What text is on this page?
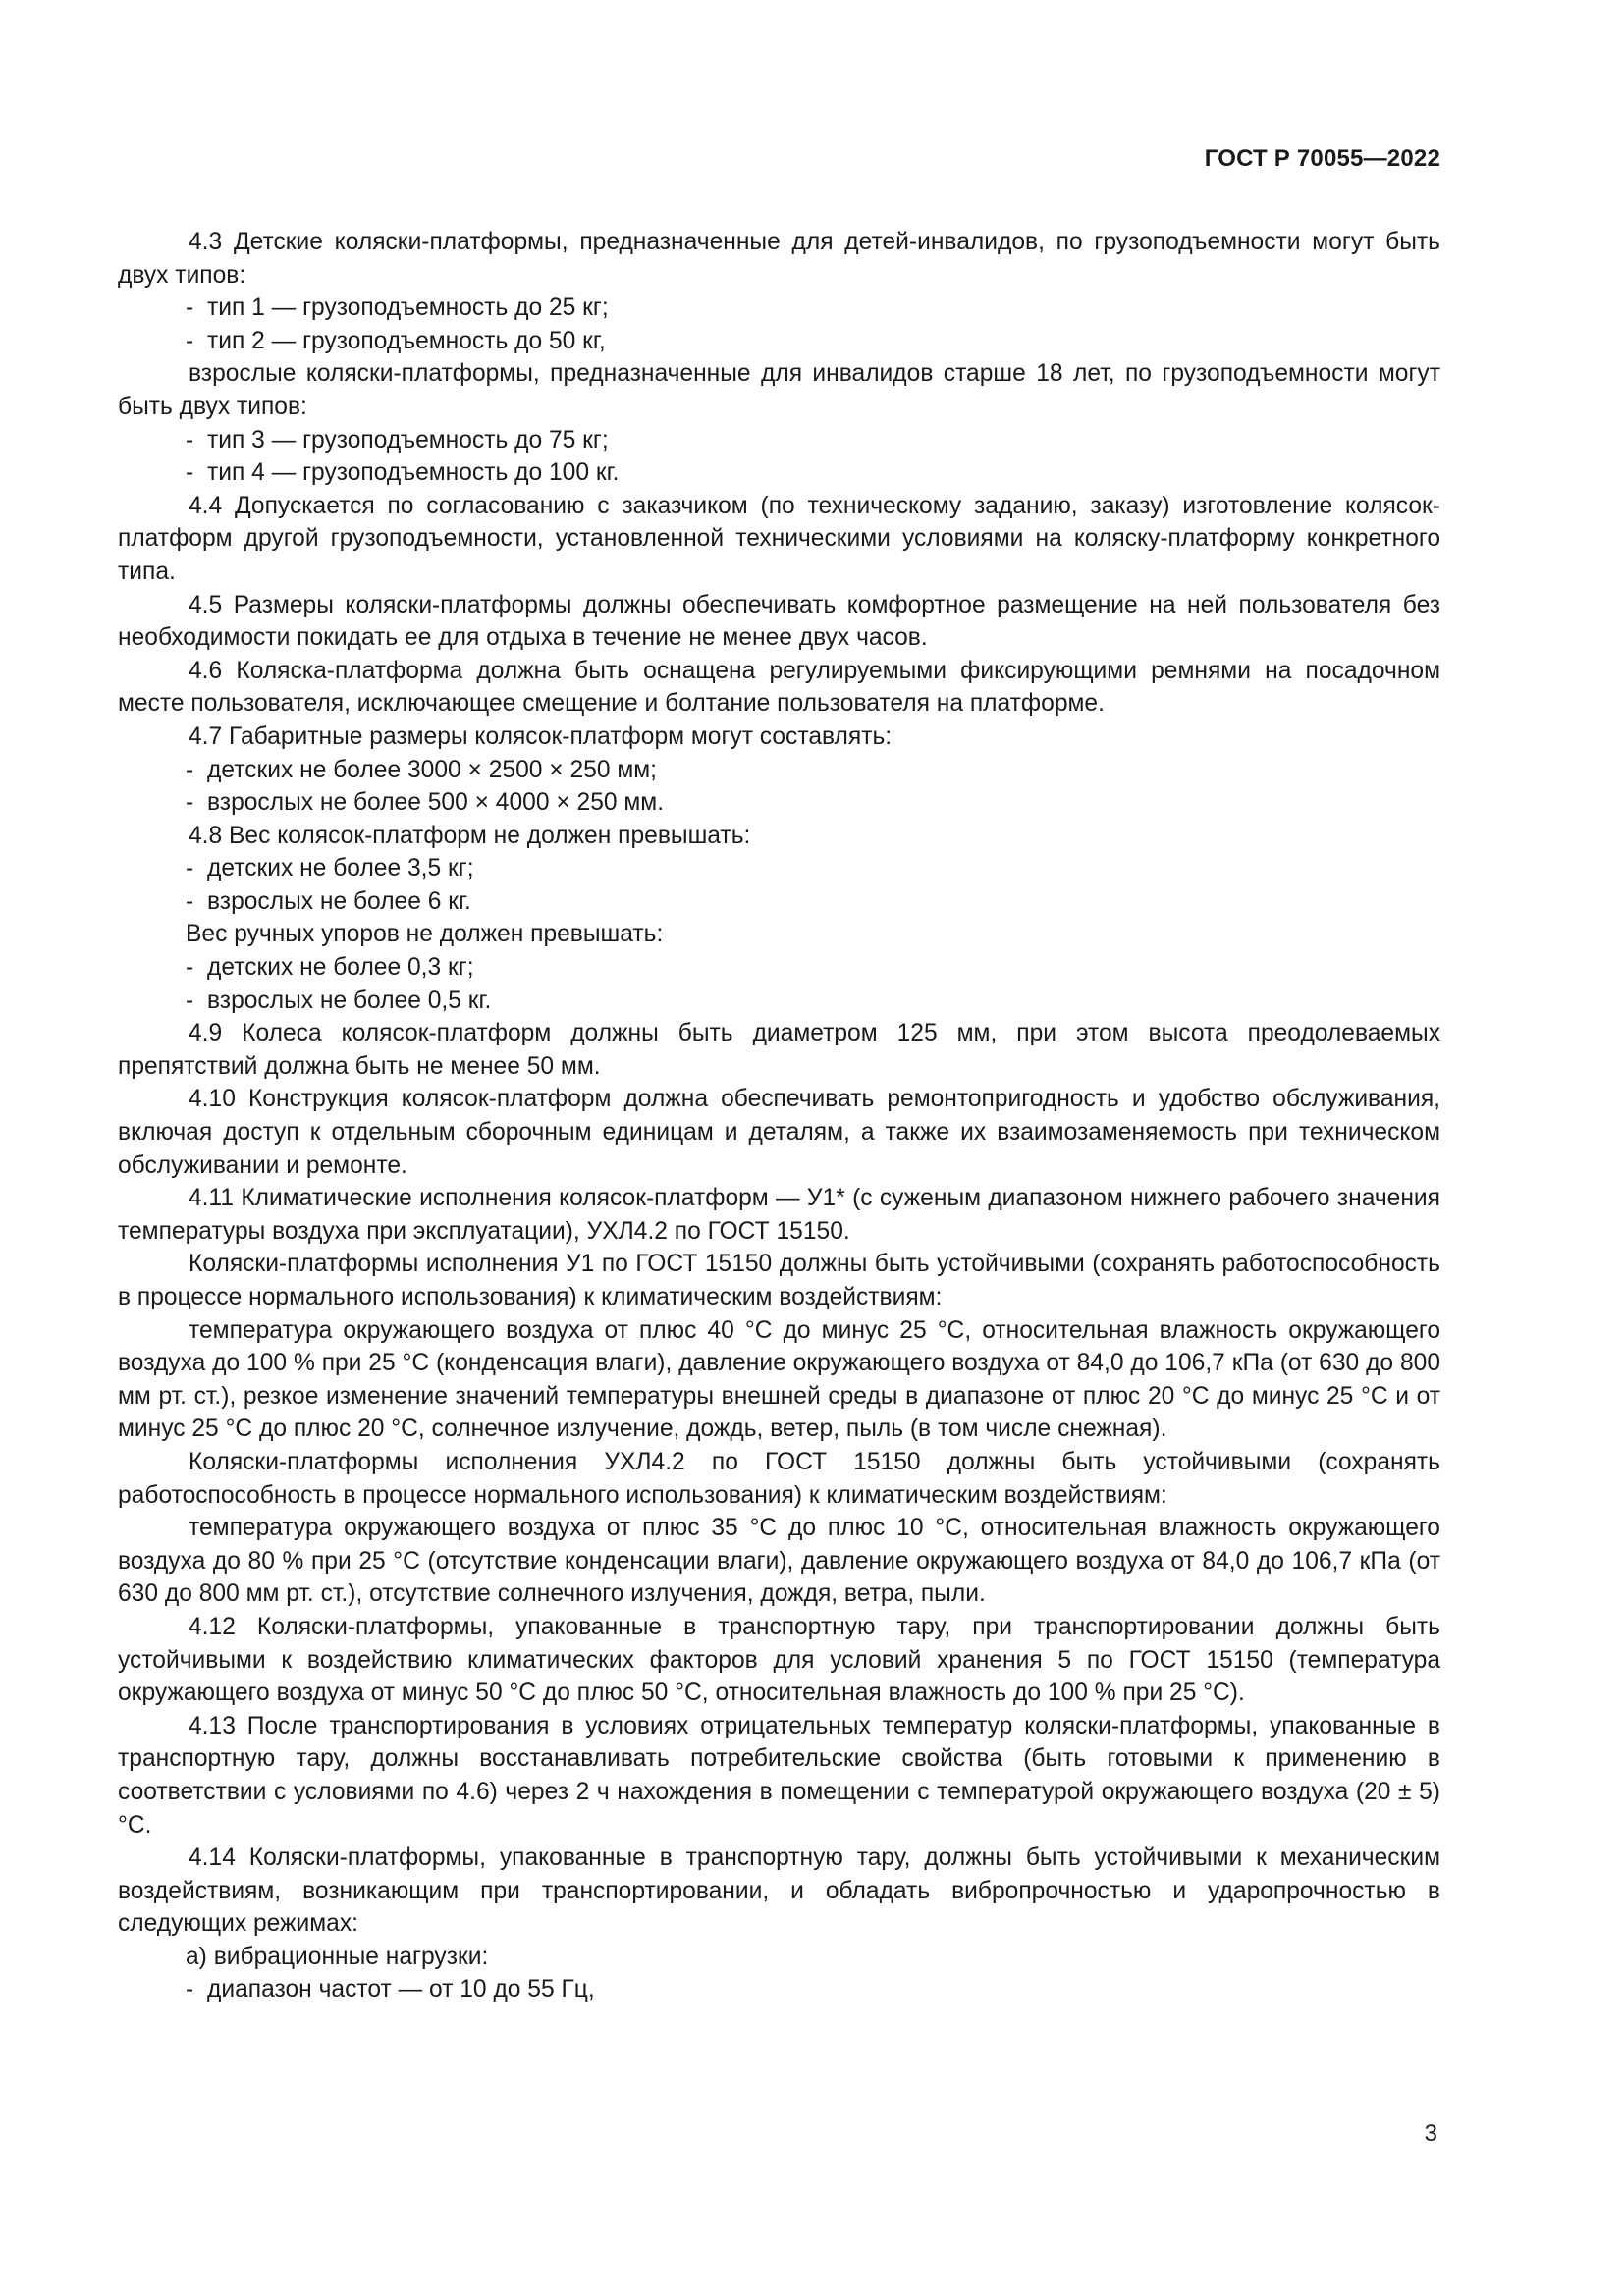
ГОСТ Р 70055—2022
4.3 Детские коляски-платформы, предназначенные для детей-инвалидов, по грузоподъемности могут быть двух типов:
- тип 1 — грузоподъемность до 25 кг;
- тип 2 — грузоподъемность до 50 кг,
взрослые коляски-платформы, предназначенные для инвалидов старше 18 лет, по грузоподъемности могут быть двух типов:
- тип 3 — грузоподъемность до 75 кг;
- тип 4 — грузоподъемность до 100 кг.
4.4 Допускается по согласованию с заказчиком (по техническому заданию, заказу) изготовление колясок-платформ другой грузоподъемности, установленной техническими условиями на коляску-платформу конкретного типа.
4.5 Размеры коляски-платформы должны обеспечивать комфортное размещение на ней пользователя без необходимости покидать ее для отдыха в течение не менее двух часов.
4.6 Коляска-платформа должна быть оснащена регулируемыми фиксирующими ремнями на посадочном месте пользователя, исключающее смещение и болтание пользователя на платформе.
4.7 Габаритные размеры колясок-платформ могут составлять:
- детских не более 3000 × 2500 × 250 мм;
- взрослых не более 500 × 4000 × 250 мм.
4.8 Вес колясок-платформ не должен превышать:
- детских не более 3,5 кг;
- взрослых не более 6 кг.
Вес ручных упоров не должен превышать:
- детских не более 0,3 кг;
- взрослых не более 0,5 кг.
4.9 Колеса колясок-платформ должны быть диаметром 125 мм, при этом высота преодолеваемых препятствий должна быть не менее 50 мм.
4.10 Конструкция колясок-платформ должна обеспечивать ремонтопригодность и удобство обслуживания, включая доступ к отдельным сборочным единицам и деталям, а также их взаимозаменяемость при техническом обслуживании и ремонте.
4.11 Климатические исполнения колясок-платформ — У1* (с суженым диапазоном нижнего рабочего значения температуры воздуха при эксплуатации), УХЛ4.2 по ГОСТ 15150.
Коляски-платформы исполнения У1 по ГОСТ 15150 должны быть устойчивыми (сохранять работоспособность в процессе нормального использования) к климатическим воздействиям:
температура окружающего воздуха от плюс 40 °С до минус 25 °С, относительная влажность окружающего воздуха до 100 % при 25 °С (конденсация влаги), давление окружающего воздуха от 84,0 до 106,7 кПа (от 630 до 800 мм рт. ст.), резкое изменение значений температуры внешней среды в диапазоне от плюс 20 °С до минус 25 °С и от минус 25 °С до плюс 20 °С, солнечное излучение, дождь, ветер, пыль (в том числе снежная).
Коляски-платформы исполнения УХЛ4.2 по ГОСТ 15150 должны быть устойчивыми (сохранять работоспособность в процессе нормального использования) к климатическим воздействиям:
температура окружающего воздуха от плюс 35 °С до плюс 10 °С, относительная влажность окружающего воздуха до 80 % при 25 °С (отсутствие конденсации влаги), давление окружающего воздуха от 84,0 до 106,7 кПа (от 630 до 800 мм рт. ст.), отсутствие солнечного излучения, дождя, ветра, пыли.
4.12 Коляски-платформы, упакованные в транспортную тару, при транспортировании должны быть устойчивыми к воздействию климатических факторов для условий хранения 5 по ГОСТ 15150 (температура окружающего воздуха от минус 50 °С до плюс 50 °С, относительная влажность до 100 % при 25 °С).
4.13 После транспортирования в условиях отрицательных температур коляски-платформы, упакованные в транспортную тару, должны восстанавливать потребительские свойства (быть готовыми к применению в соответствии с условиями по 4.6) через 2 ч нахождения в помещении с температурой окружающего воздуха (20 ± 5) °С.
4.14 Коляски-платформы, упакованные в транспортную тару, должны быть устойчивыми к механическим воздействиям, возникающим при транспортировании, и обладать вибропрочностью и ударопрочностью в следующих режимах:
а) вибрационные нагрузки:
- диапазон частот — от 10 до 55 Гц,
3
